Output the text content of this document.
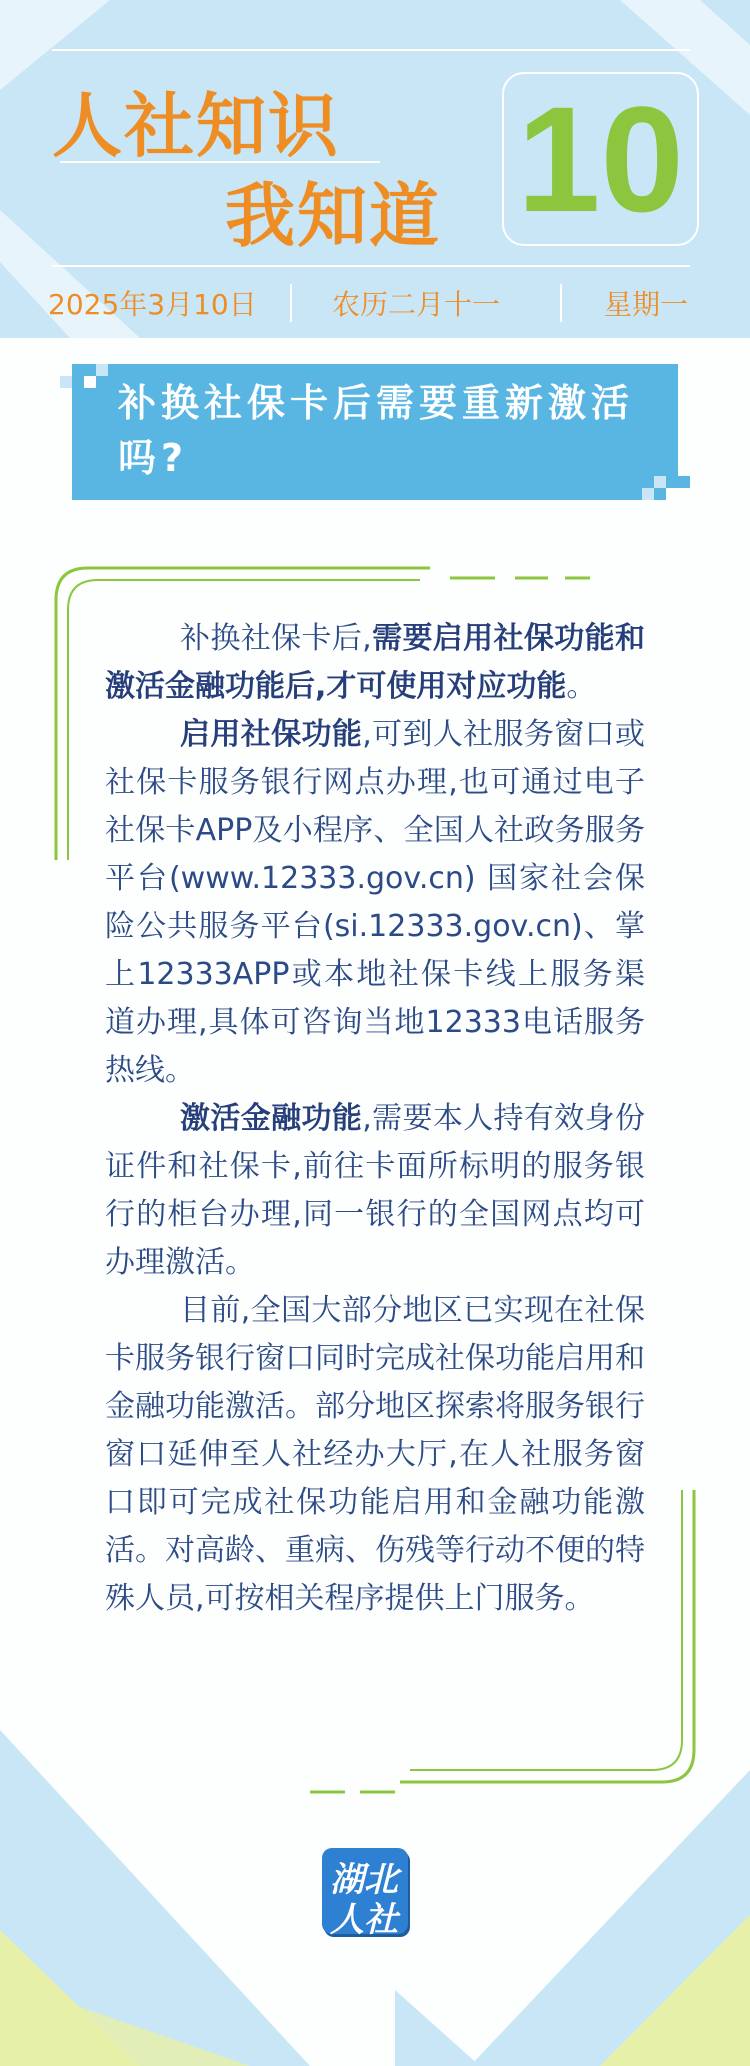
人社知识
我知道 10
2025年3月10日	农历二月十一	星期一
补换社保卡后需要重新激活吗?

补换社保卡后,需要启用社保功能和激活金融功能后,才可使用对应功能。

启用社保功能,可到人社服务窗口或社保卡服务银行网点办理,也可通过电子社保卡APP及小程序、全国人社政务服务平台(www.12333.gov.cn) 国家社会保险公共服务平台(si.12333.gov.cn)、掌上12333APP或本地社保卡线上服务渠道办理,具体可咨询当地12333电话服务热线。

激活金融功能,需要本人持有效身份证件和社保卡,前往卡面所标明的服务银行的柜台办理,同一银行的全国网点均可办理激活。

目前,全国大部分地区已实现在社保卡服务银行窗口同时完成社保功能启用和金融功能激活。部分地区探索将服务银行窗口延伸至人社经办大厅,在人社服务窗口即可完成社保功能启用和金融功能激活。对高龄、重病、伤残等行动不便的特殊人员,可按相关程序提供上门服务。

湖北
人社
